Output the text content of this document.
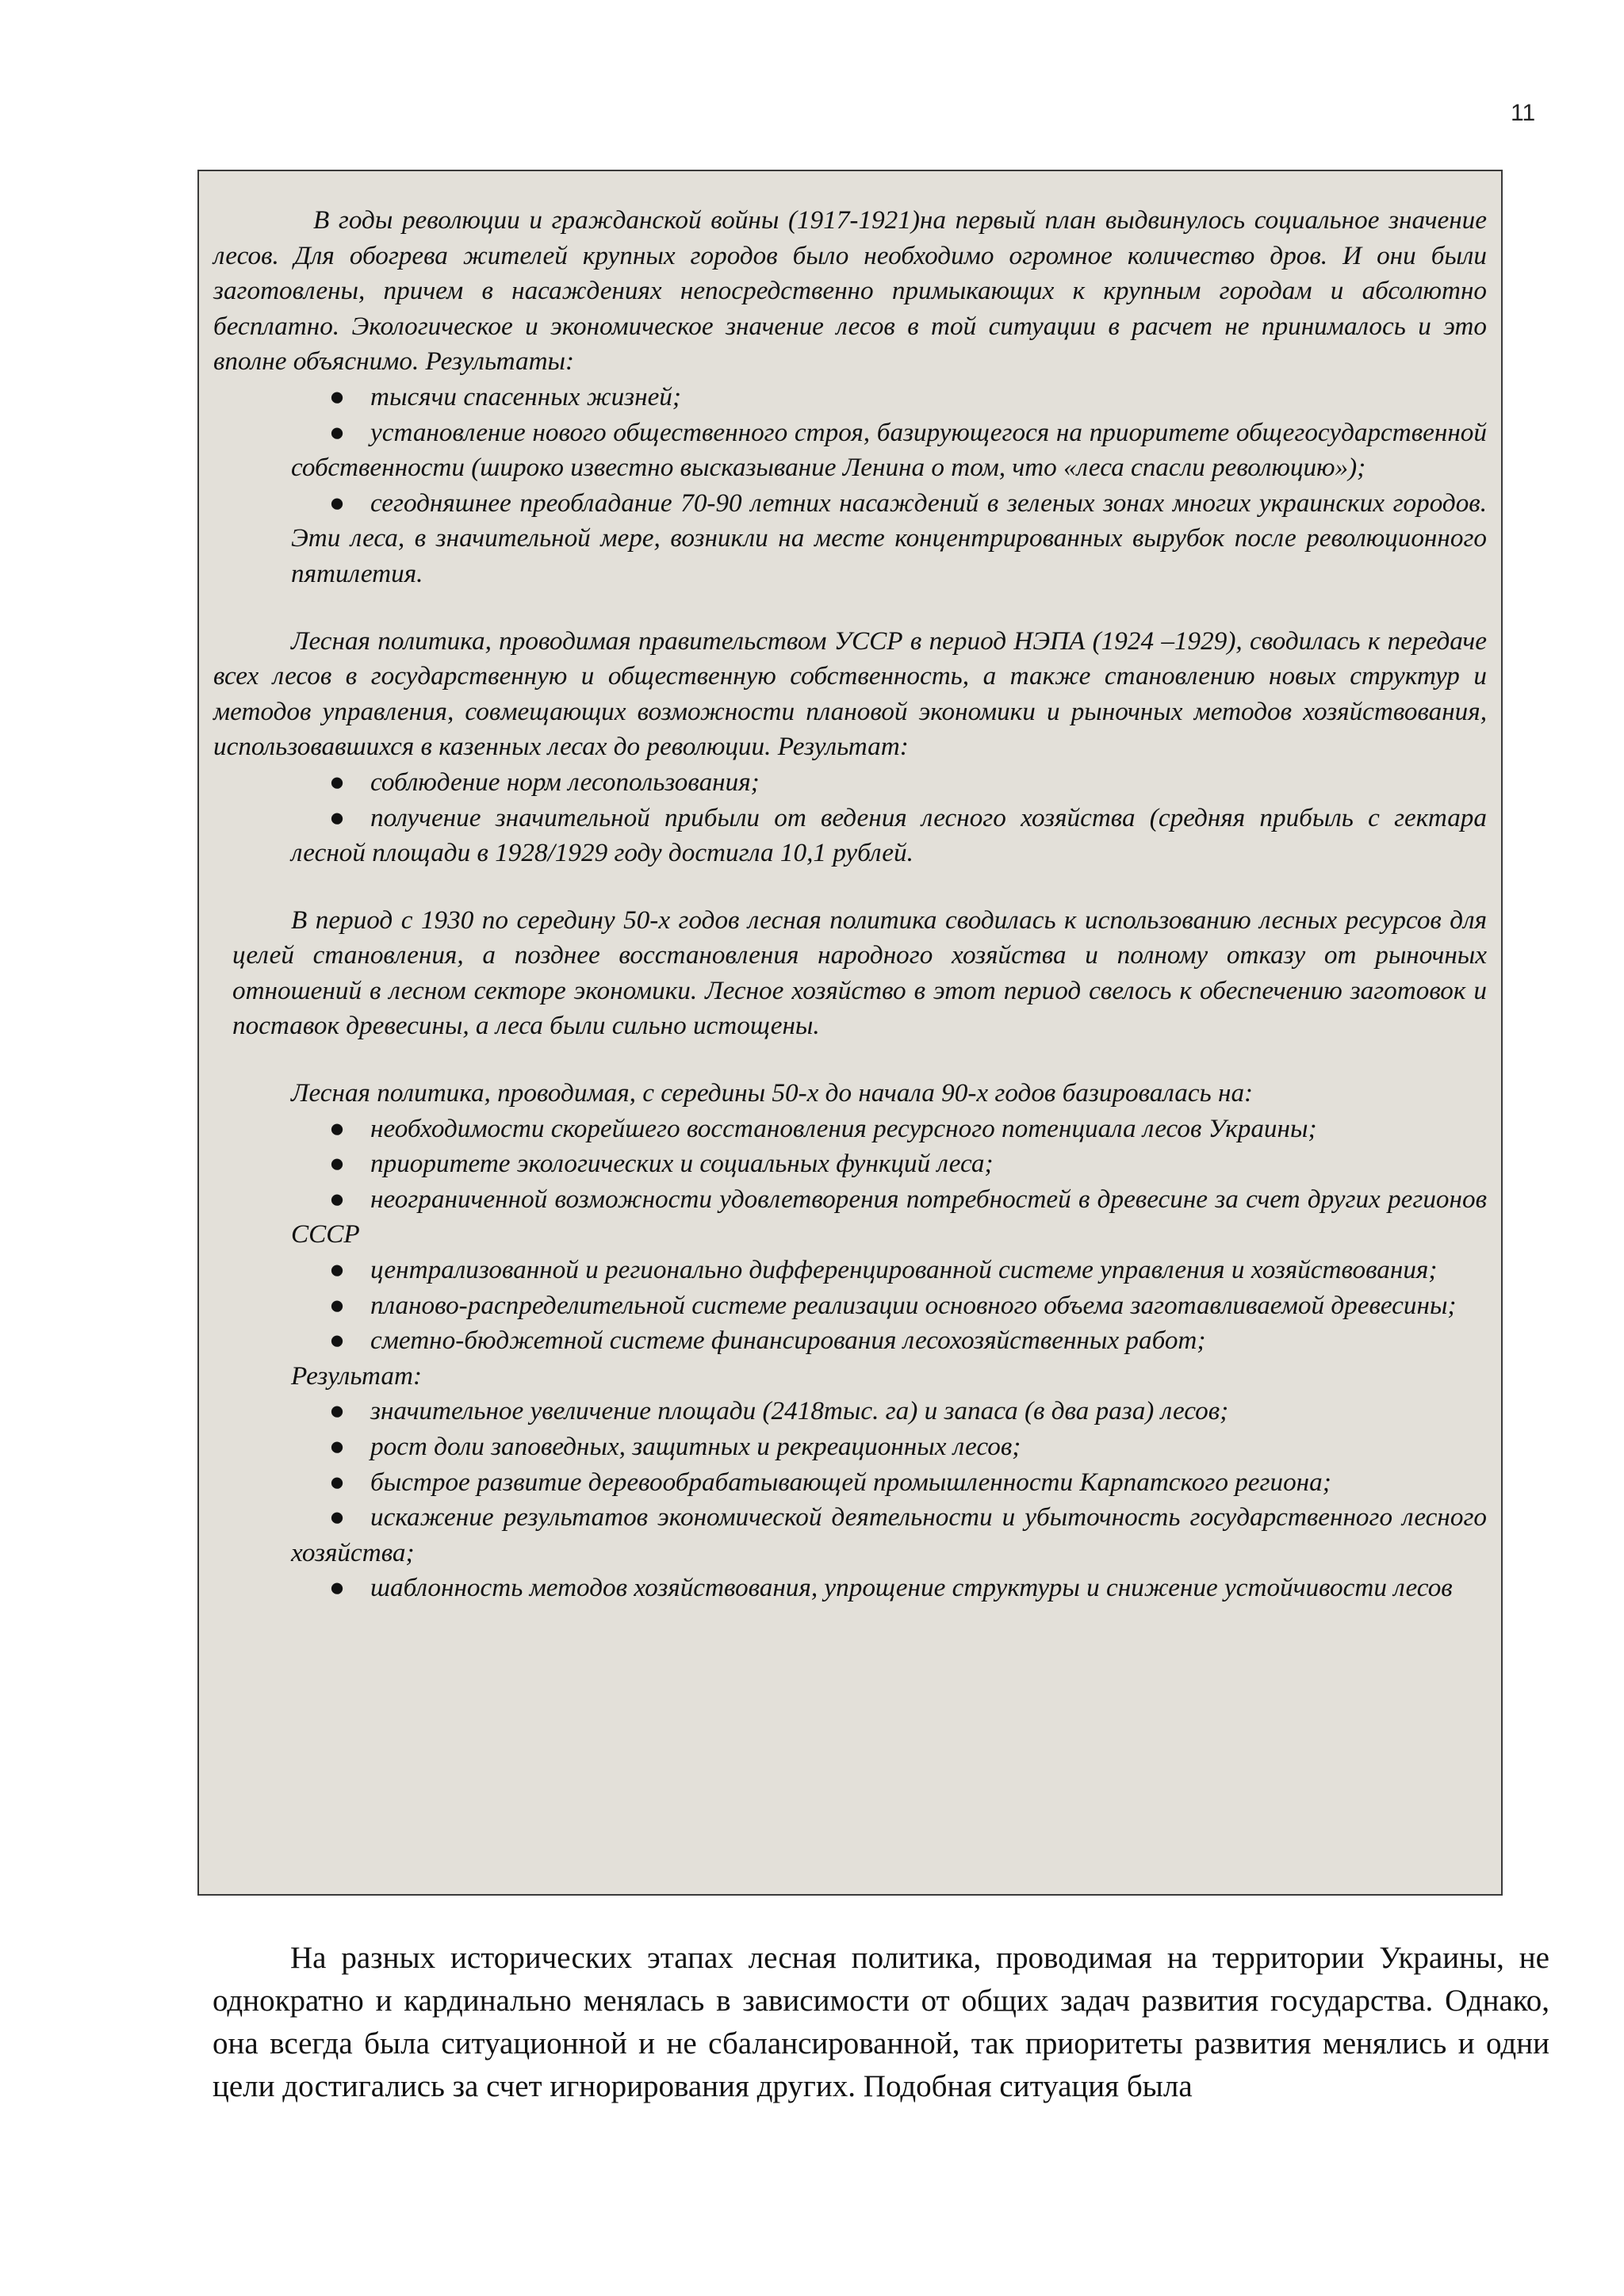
11

В годы революции и гражданской войны (1917-1921)на первый план выдвинулось социальное значение лесов. Для обогрева жителей крупных городов было необходимо огромное количество дров. И они были заготовлены, причем в насаждениях непосредственно примыкающих к крупным городам и абсолютно бесплатно. Экологическое и экономическое значение лесов в той ситуации в расчет не принималось и это вполне объяснимо. Результаты:

● тысячи спасенных жизней;
● установление нового общественного строя, базирующегося на приоритете общегосударственной собственности (широко известно высказывание Ленина о том, что «леса спасли революцию»);
● сегодняшнее преобладание 70-90 летних насаждений в зеленых зонах многих украинских городов. Эти леса, в значительной мере, возникли на месте концентрированных вырубок после революционного пятилетия.

Лесная политика, проводимая правительством УССР в период НЭПА (1924 –1929), сводилась к передаче всех лесов в государственную и общественную собственность, а также становлению новых структур и методов управления, совмещающих возможности плановой экономики и рыночных методов хозяйствования, использовавшихся в казенных лесах до революции. Результат:

● соблюдение норм лесопользования;
● получение значительной прибыли от ведения лесного хозяйства (средняя прибыль с гектара лесной площади в 1928/1929 году достигла 10,1 рублей.

В период с 1930 по середину 50-х годов лесная политика сводилась к использованию лесных ресурсов для целей становления, а позднее восстановления народного хозяйства и полному отказу от рыночных отношений в лесном секторе экономики. Лесное хозяйство в этот период свелось к обеспечению заготовок и поставок древесины, а леса были сильно истощены.

Лесная политика, проводимая, с середины 50-х до начала 90-х годов базировалась на:

● необходимости скорейшего восстановления ресурсного потенциала лесов Украины;
● приоритете экологических и социальных функций леса;
● неограниченной возможности удовлетворения потребностей в древесине за счет других регионов СССР
● централизованной и регионально дифференцированной системе управления и хозяйствования;
● планово-распределительной системе реализации основного объема заготавливаемой древесины;
● сметно-бюджетной системе финансирования лесохозяйственных работ;

Результат:

● значительное увеличение площади (2418тыс. га) и запаса (в два раза) лесов;
● рост доли заповедных, защитных и рекреационных лесов;
● быстрое развитие деревообрабатывающей промышленности Карпатского региона;
● искажение результатов экономической деятельности и убыточность государственного лесного хозяйства;
● шаблонность методов хозяйствования, упрощение структуры и снижение устойчивости лесов

На разных исторических этапах лесная политика, проводимая на территории Украины, не однократно и кардинально менялась в зависимости от общих задач развития государства. Однако, она всегда была ситуационной и не сбалансированной, так приоритеты развития менялись и одни цели достигались за счет игнорирования других. Подобная ситуация была
